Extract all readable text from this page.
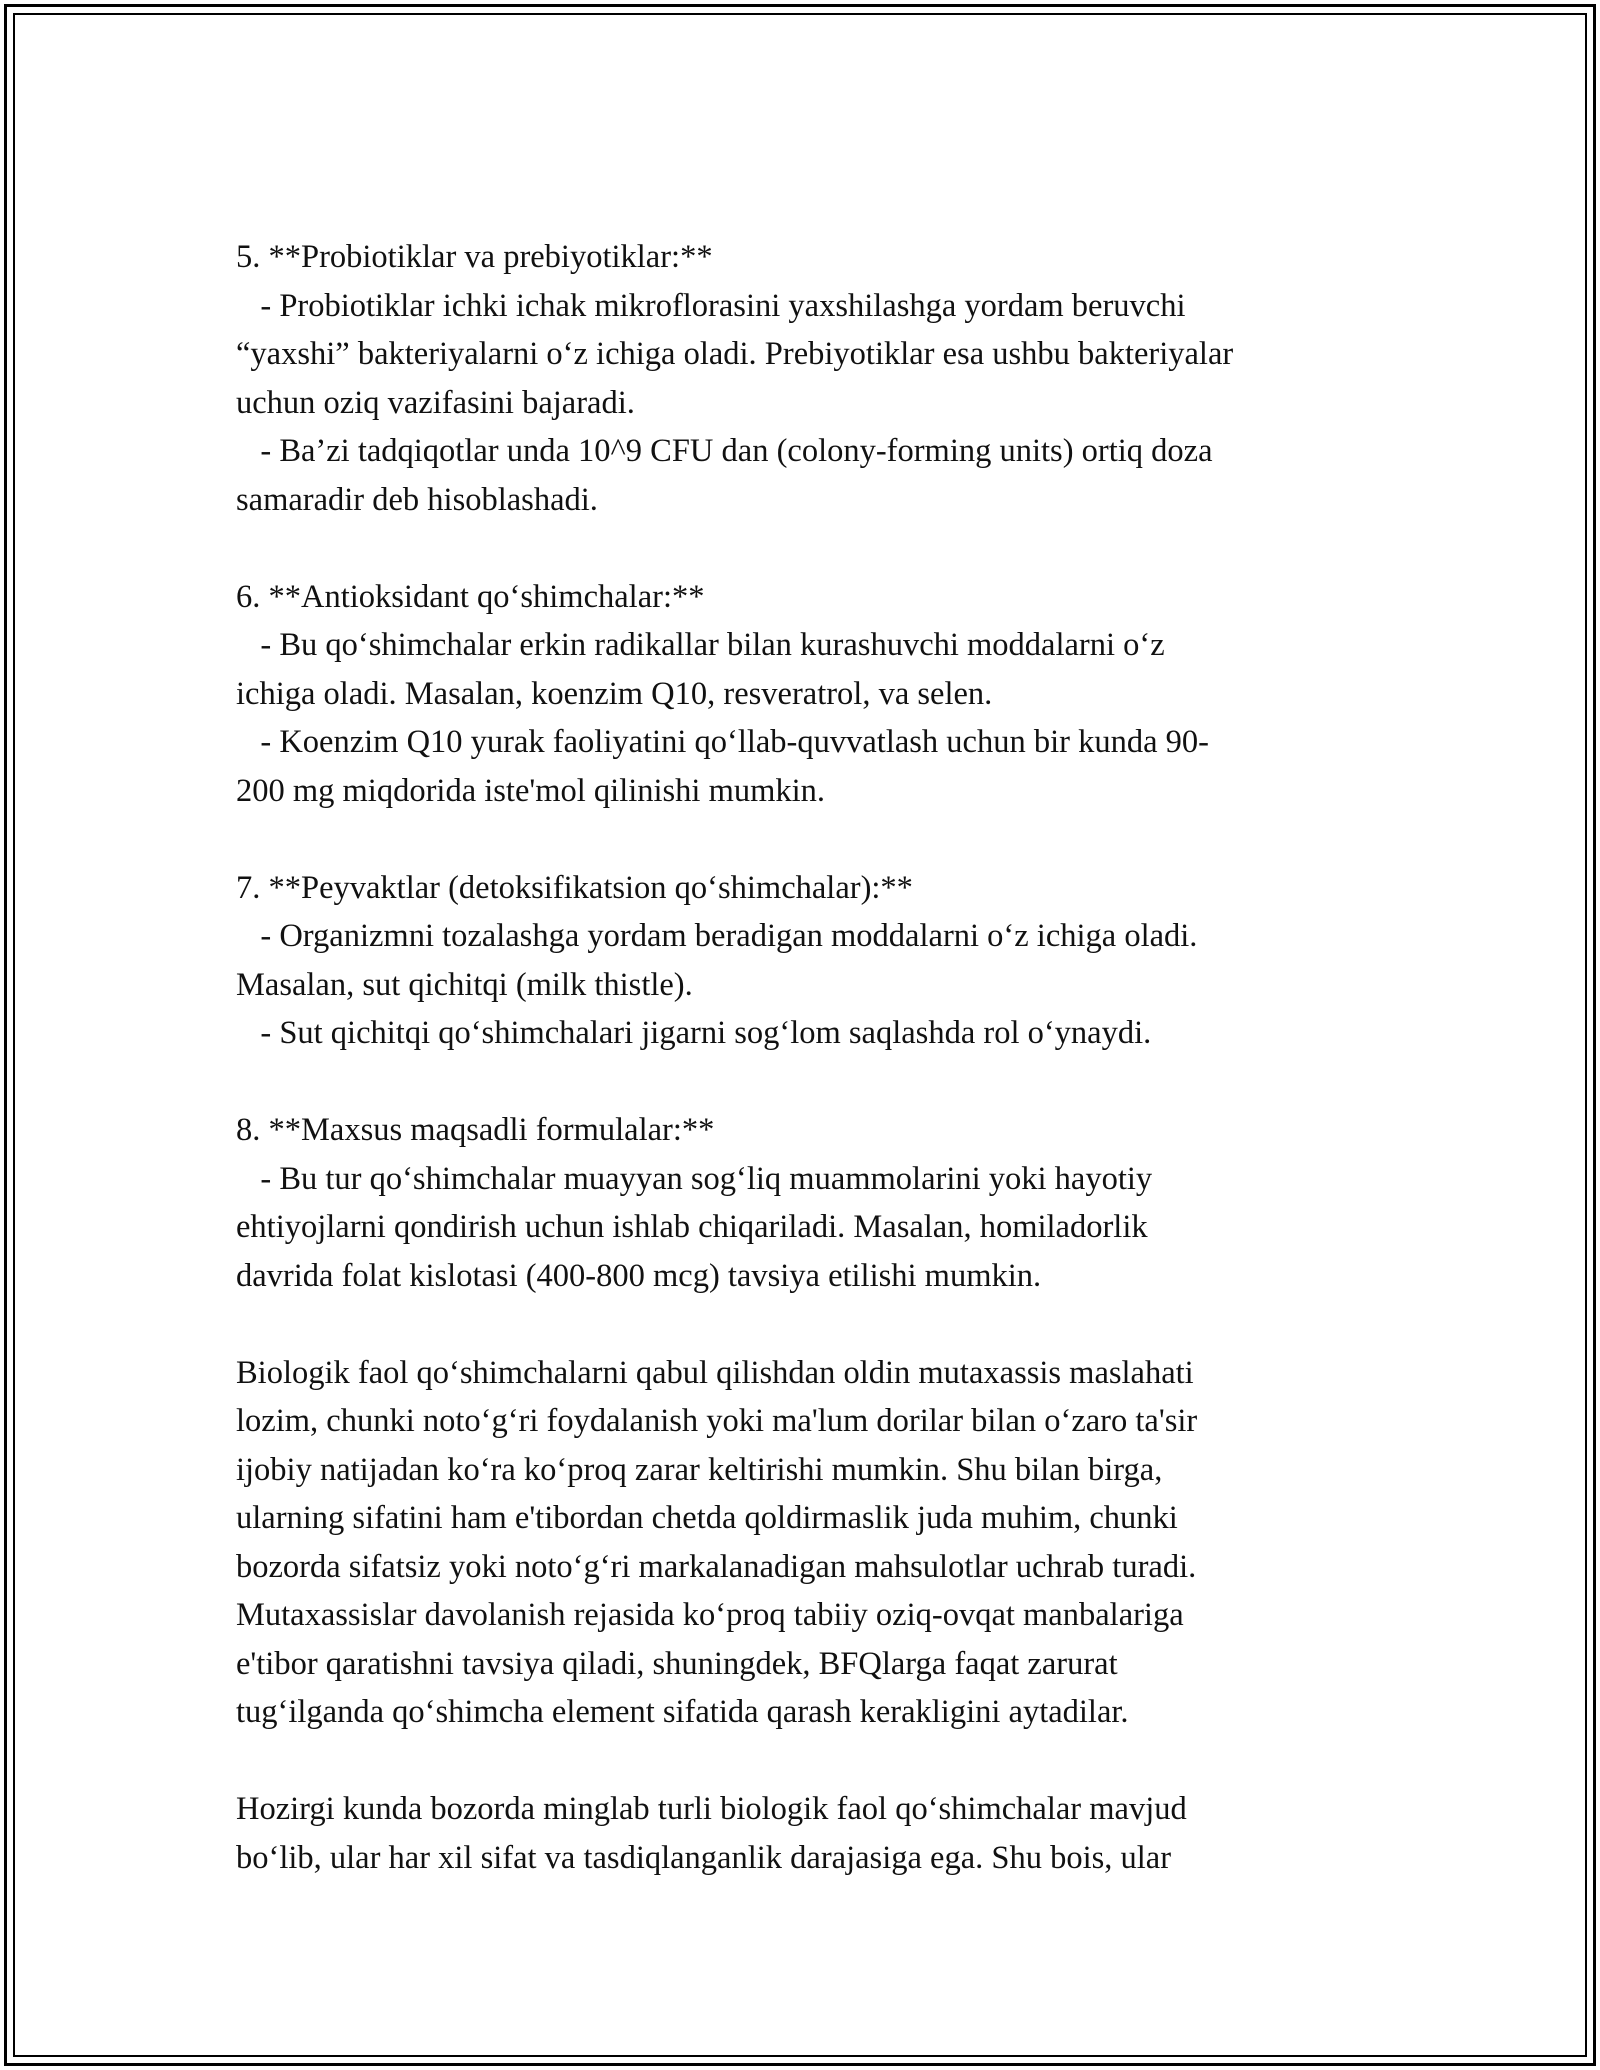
5. **Probiotiklar va prebiyotiklar:**
- Probiotiklar ichki ichak mikroflorasini yaxshilashga yordam beruvchi
“yaxshi” bakteriyalarni o‘z ichiga oladi. Prebiyotiklar esa ushbu bakteriyalar
uchun oziq vazifasini bajaradi.
- Ba’zi tadqiqotlar unda 10^9 CFU dan (colony-forming units) ortiq doza
samaradir deb hisoblashadi.
6. **Antioksidant qo‘shimchalar:**
- Bu qo‘shimchalar erkin radikallar bilan kurashuvchi moddalarni o‘z
ichiga oladi. Masalan, koenzim Q10, resveratrol, va selen.
- Koenzim Q10 yurak faoliyatini qo‘llab-quvvatlash uchun bir kunda 90-
200 mg miqdorida iste'mol qilinishi mumkin.
7. **Peyvaktlar (detoksifikatsion qo‘shimchalar):**
- Organizmni tozalashga yordam beradigan moddalarni o‘z ichiga oladi.
Masalan, sut qichitqi (milk thistle).
- Sut qichitqi qo‘shimchalari jigarni sog‘lom saqlashda rol o‘ynaydi.
8. **Maxsus maqsadli formulalar:**
- Bu tur qo‘shimchalar muayyan sog‘liq muammolarini yoki hayotiy
ehtiyojlarni qondirish uchun ishlab chiqariladi. Masalan, homiladorlik
davrida folat kislotasi (400-800 mcg) tavsiya etilishi mumkin.
Biologik faol qo‘shimchalarni qabul qilishdan oldin mutaxassis maslahati
lozim, chunki noto‘g‘ri foydalanish yoki ma'lum dorilar bilan o‘zaro ta'sir
ijobiy natijadan ko‘ra ko‘proq zarar keltirishi mumkin. Shu bilan birga,
ularning sifatini ham e'tibordan chetda qoldirmaslik juda muhim, chunki
bozorda sifatsiz yoki noto‘g‘ri markalanadigan mahsulotlar uchrab turadi.
Mutaxassislar davolanish rejasida ko‘proq tabiiy oziq-ovqat manbalariga
e'tibor qaratishni tavsiya qiladi, shuningdek, BFQlarga faqat zarurat
tug‘ilganda qo‘shimcha element sifatida qarash kerakligini aytadilar.
Hozirgi kunda bozorda minglab turli biologik faol qo‘shimchalar mavjud
bo‘lib, ular har xil sifat va tasdiqlanganlik darajasiga ega. Shu bois, ular
